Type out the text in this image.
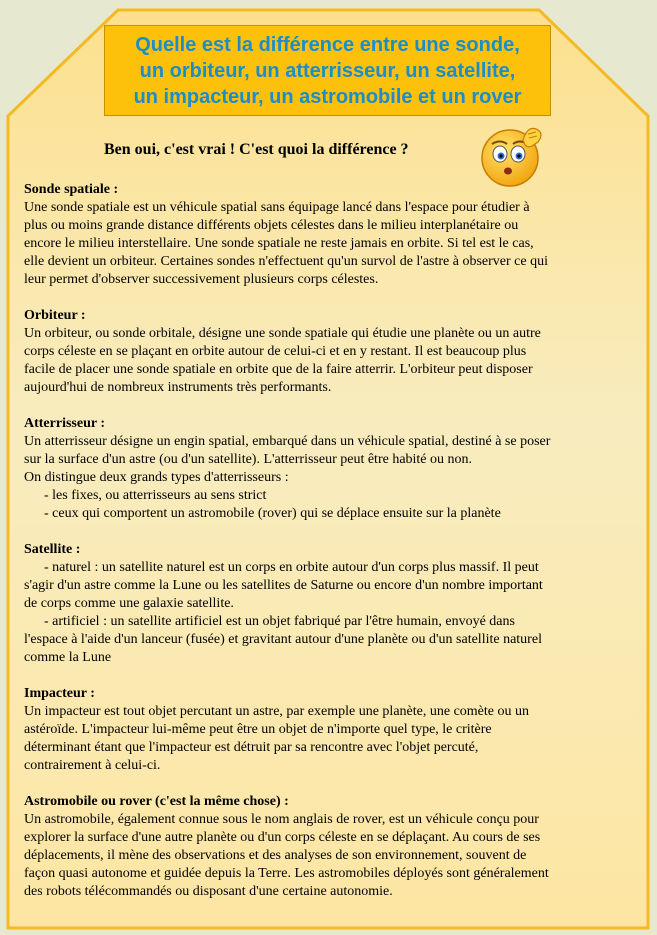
Quelle est la différence entre une sonde,
un orbiteur, un atterrisseur, un satellite,
un impacteur, un astromobile et un rover
Ben oui, c'est vrai ! C'est quoi la différence ?
Sonde spatiale :

Une sonde spatiale est un véhicule spatial sans équipage lancé dans l'espace pour étudier à
plus ou moins grande distance différents objets célestes dans le milieu interplanétaire ou
encore le milieu interstellaire. Une sonde spatiale ne reste jamais en orbite. Si tel est le cas,
elle devient un orbiteur. Certaines sondes n'effectuent qu'un survol de l'astre à observer ce qui
leur permet d'observer successivement plusieurs corps célestes.

Orbiteur :

Un orbiteur, ou sonde orbitale, désigne une sonde spatiale qui étudie une planète ou un autre
corps céleste en se plaçant en orbite autour de celui-ci et en y restant. Il est beaucoup plus
facile de placer une sonde spatiale en orbite que de la faire atterrir. L'orbiteur peut disposer
aujourd'hui de nombreux instruments très performants.

Atterrisseur :

Un atterrisseur désigne un engin spatial, embarqué dans un véhicule spatial, destiné à se poser
sur la surface d'un astre (ou d'un satellite). L'atterrisseur peut être habité ou non.
On distingue deux grands types d'atterrisseurs :

- les fixes, ou atterrisseurs au sens strict
- ceux qui comportent un astromobile (rover) qui se déplace ensuite sur la planète

Satellite :

- naturel : un satellite naturel est un corps en orbite autour d'un corps plus massif. Il peut
s'agir d'un astre comme la Lune ou les satellites de Saturne ou encore d'un nombre important
de corps comme une galaxie satellite.
- artificiel : un satellite artificiel est un objet fabriqué par l'être humain, envoyé dans
l'espace à l'aide d'un lanceur (fusée) et gravitant autour d'une planète ou d'un satellite naturel
comme la Lune

Impacteur :

Un impacteur est tout objet percutant un astre, par exemple une planète, une comète ou un
astéroïde. L'impacteur lui-même peut être un objet de n'importe quel type, le critère
déterminant étant que l'impacteur est détruit par sa rencontre avec l'objet percuté,
contrairement à celui-ci.

Astromobile ou rover (c'est la même chose) :

Un astromobile, également connue sous le nom anglais de rover, est un véhicule conçu pour
explorer la surface d'une autre planète ou d'un corps céleste en se déplaçant. Au cours de ses
déplacements, il mène des observations et des analyses de son environnement, souvent de
façon quasi autonome et guidée depuis la Terre. Les astromobiles déployés sont généralement
des robots télécommandés ou disposant d'une certaine autonomie.
